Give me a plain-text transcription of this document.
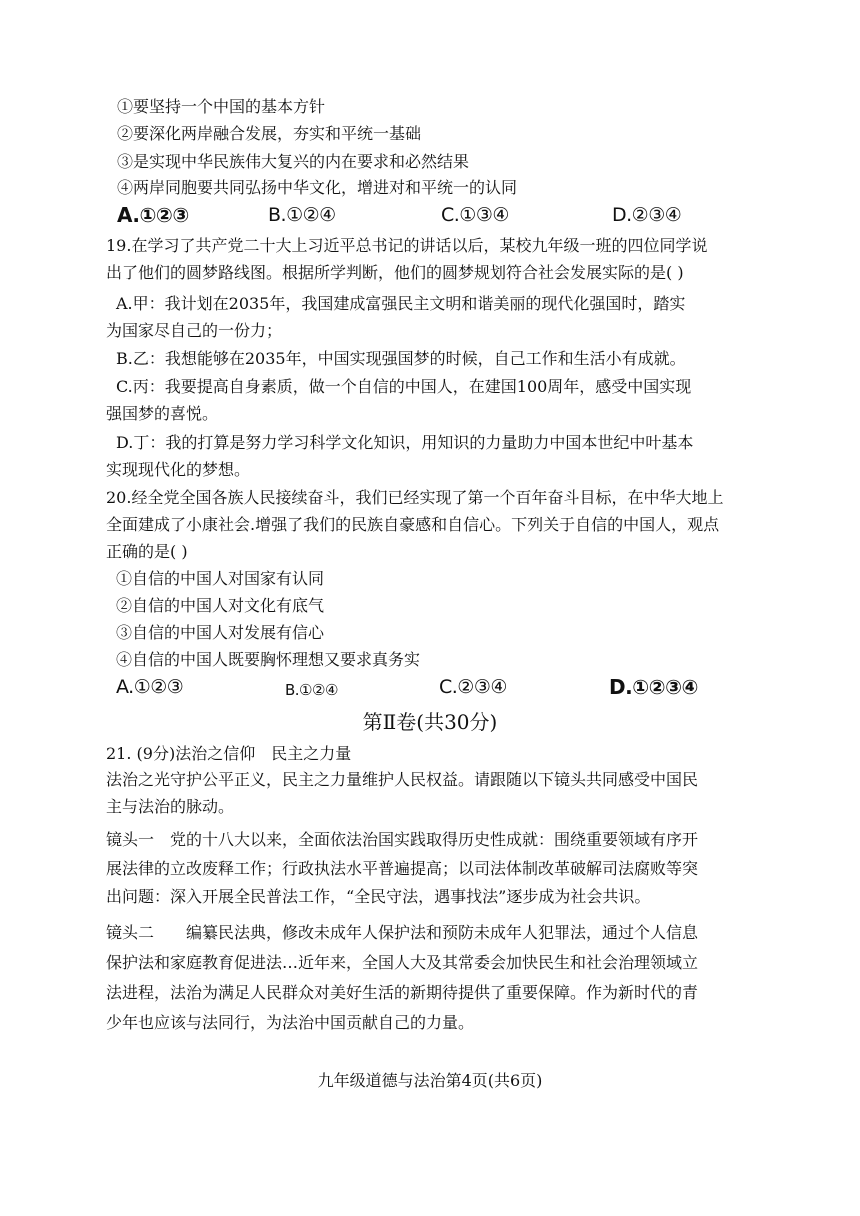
①要坚持一个中国的基本方针
②要深化两岸融合发展，夯实和平统一基础
③是实现中华民族伟大复兴的内在要求和必然结果
④两岸同胞要共同弘扬中华文化，增进对和平统一的认同
A.①②③	B.①②④	C.①③④	D.②③④
19.在学习了共产党二十大上习近平总书记的讲话以后，某校九年级一班的四位同学说
出了他们的圆梦路线图。根据所学判断，他们的圆梦规划符合社会发展实际的是( )
A.甲：我计划在2035年，我国建成富强民主文明和谐美丽的现代化强国时，踏实
为国家尽自己的一份力；
B.乙：我想能够在2035年，中国实现强国梦的时候，自己工作和生活小有成就。
C.丙：我要提高自身素质，做一个自信的中国人，在建国100周年，感受中国实现
强国梦的喜悦。
D.丁：我的打算是努力学习科学文化知识，用知识的力量助力中国本世纪中叶基本
实现现代化的梦想。
20.经全党全国各族人民接续奋斗，我们已经实现了第一个百年奋斗目标，在中华大地上
全面建成了小康社会.增强了我们的民族自豪感和自信心。下列关于自信的中国人，观点
正确的是( )
①自信的中国人对国家有认同
②自信的中国人对文化有底气
③自信的中国人对发展有信心
④自信的中国人既要胸怀理想又要求真务实
A.①②③	B.①②④	C.②③④	D.①②③④
第Ⅱ卷(共30分)
21. (9分)法治之信仰　民主之力量
法治之光守护公平正义，民主之力量维护人民权益。请跟随以下镜头共同感受中国民
主与法治的脉动。
镜头一　党的十八大以来，全面依法治国实践取得历史性成就：围绕重要领域有序开
展法律的立改废释工作；行政执法水平普遍提高；以司法体制改革破解司法腐败等突
出问题：深入开展全民普法工作，“全民守法，遇事找法”逐步成为社会共识。
镜头二　　编纂民法典，修改未成年人保护法和预防未成年人犯罪法，通过个人信息
保护法和家庭教育促进法…近年来，全国人大及其常委会加快民生和社会治理领域立
法进程，法治为满足人民群众对美好生活的新期待提供了重要保障。作为新时代的青
少年也应该与法同行，为法治中国贡献自己的力量。
九年级道德与法治第4页(共6页)
